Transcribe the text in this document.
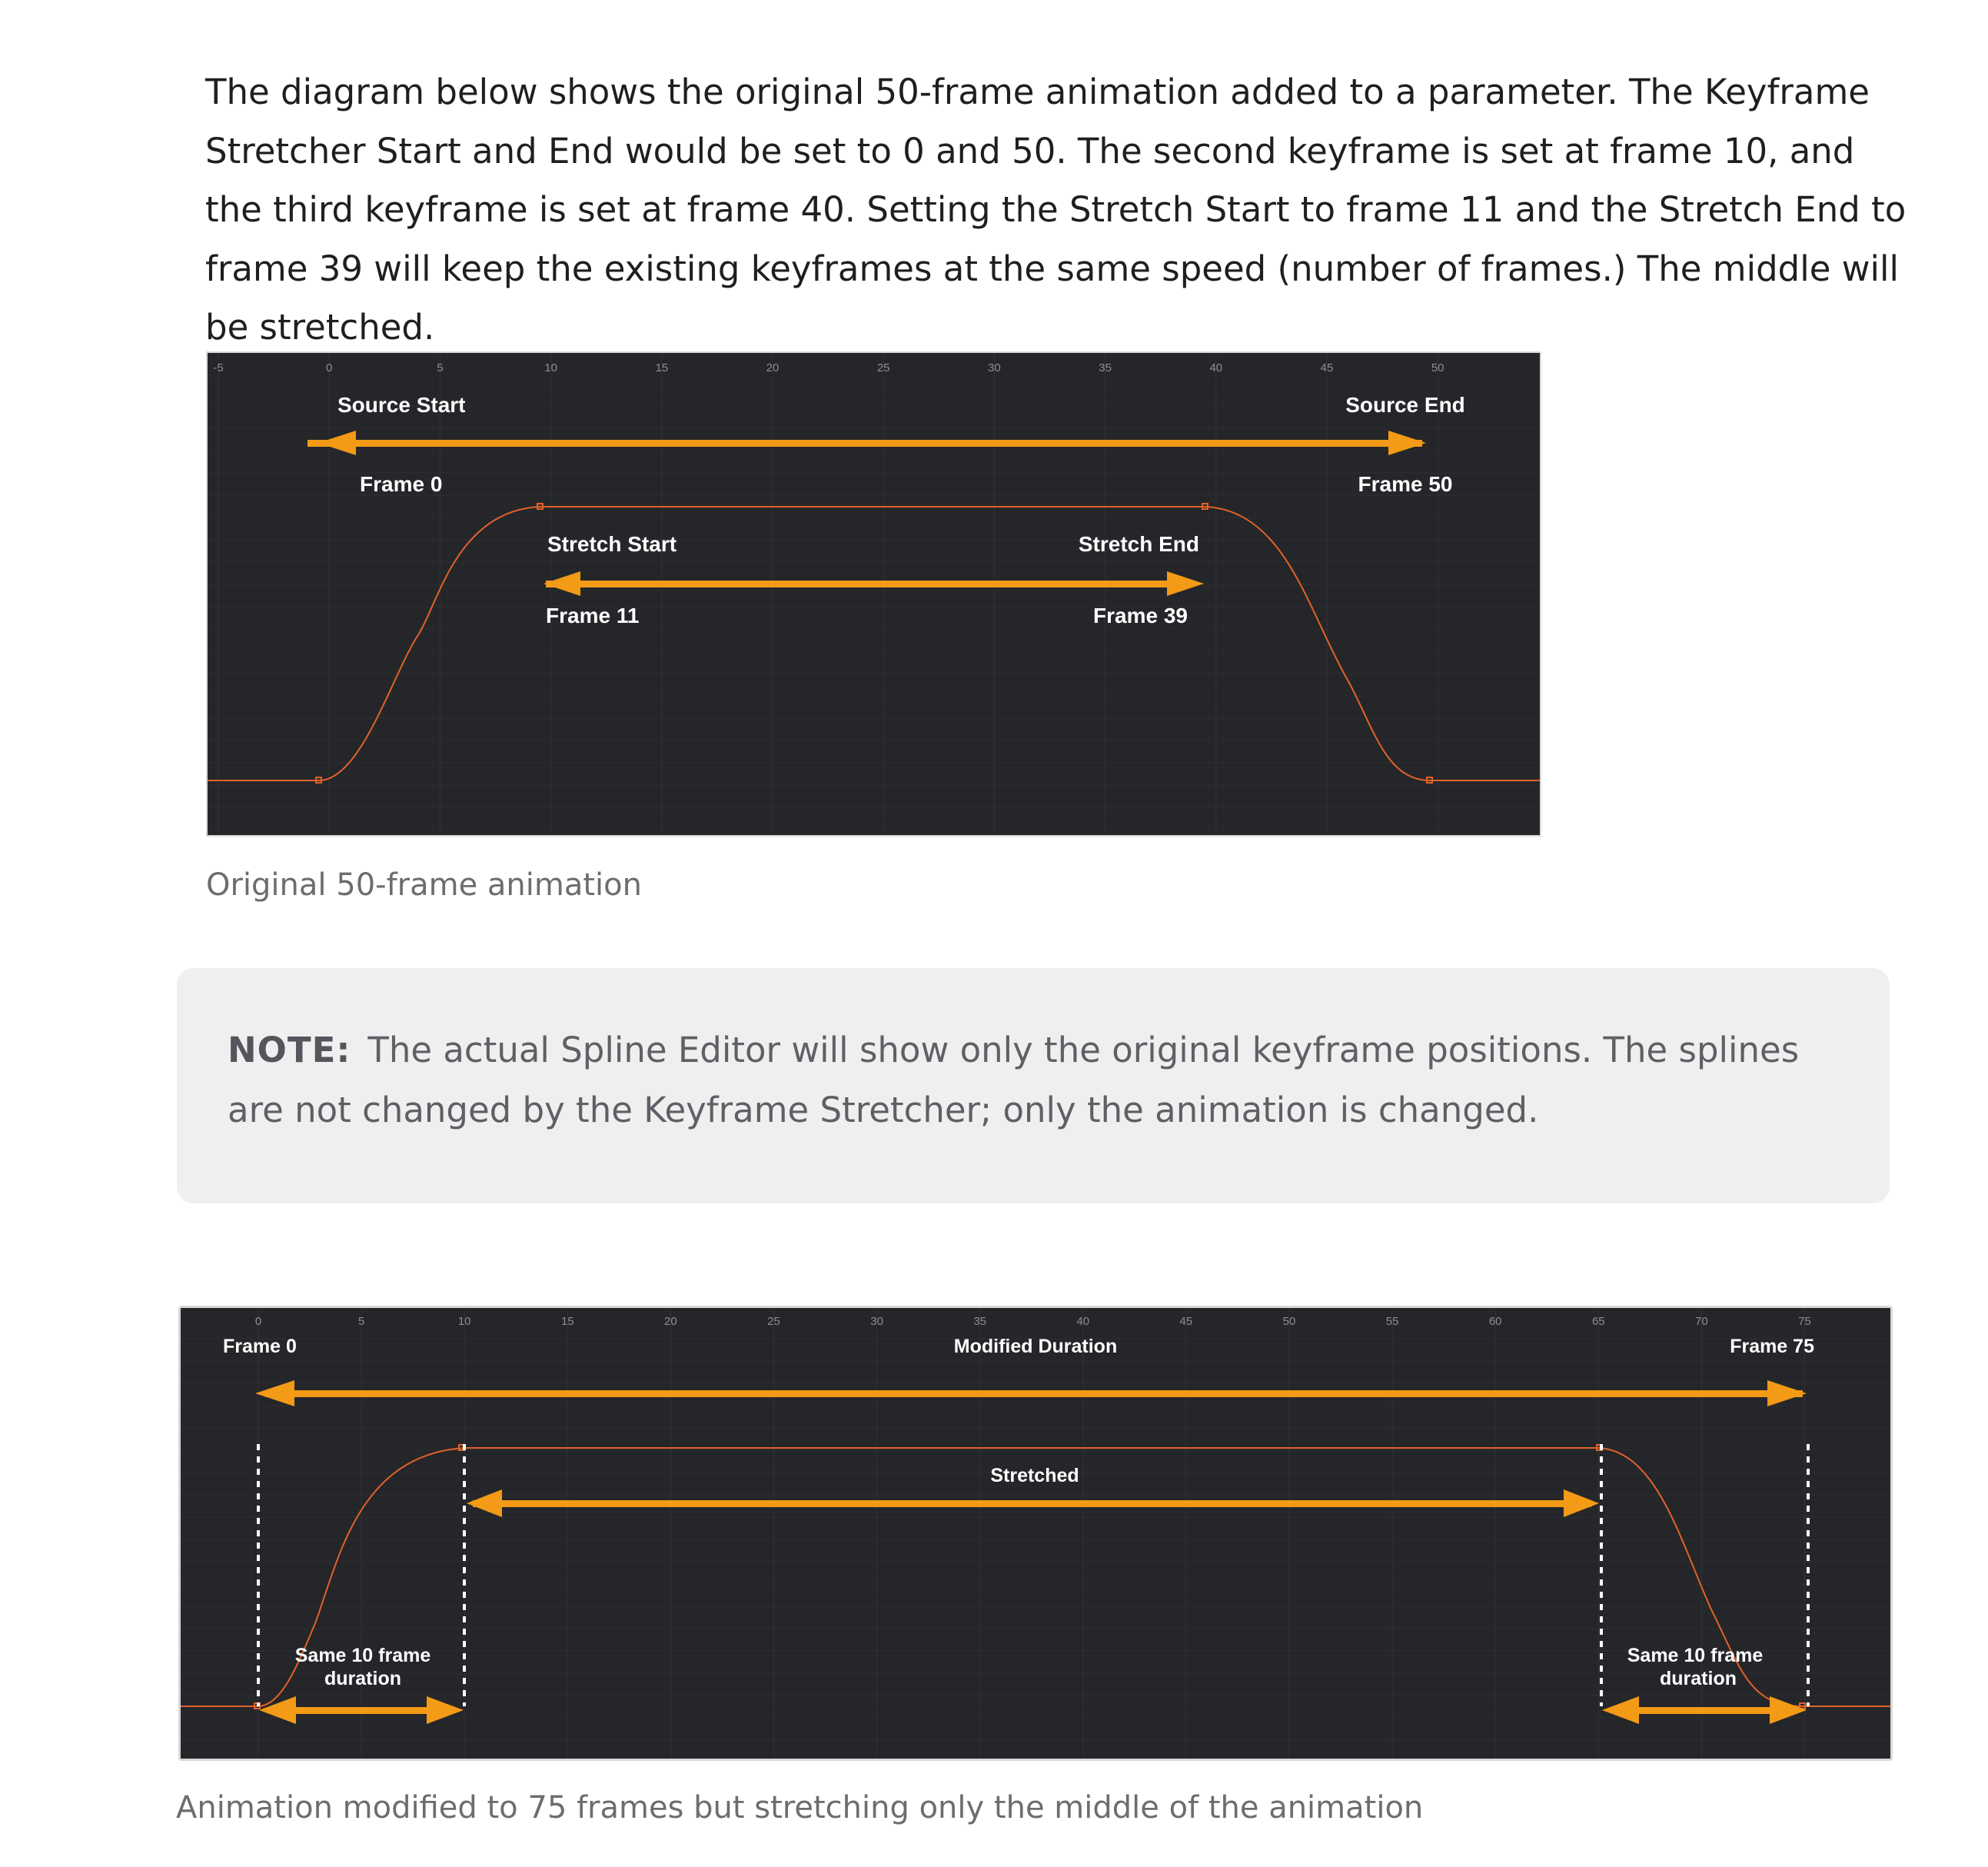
The diagram below shows the original 50-frame animation added to a parameter. The Keyframe Stretcher Start and End would be set to 0 and 50. The second keyframe is set at frame 10, and the third keyframe is set at frame 40. Setting the Stretch Start to frame 11 and the Stretch End to frame 39 will keep the existing keyframes at the same speed (number of frames.) The middle will be stretched.
-5	0	5	10	15	20	25	30	35	40	45	50
Source Start
Frame 0
Source End
Frame 50
Stretch Start
Frame 11
Stretch End
Frame 39
Original 50-frame animation
NOTE: The actual Spline Editor will show only the original keyframe positions. The splines are not changed by the Keyframe Stretcher; only the animation is changed.
0	5	10	15	20	25	30	35	40	45	50	55	60	65	70	75
Frame 0	Modified Duration	Frame 75
Stretched
Same 10 frame
duration
Same 10 frame
duration
Animation modified to 75 frames but stretching only the middle of the animation
